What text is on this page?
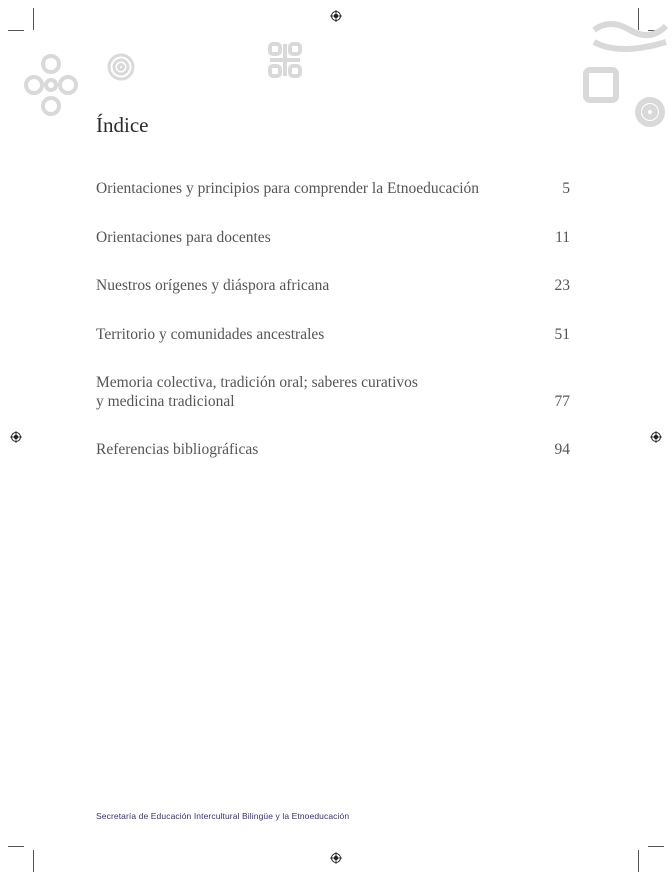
Índice
Orientaciones y principios para comprender la Etnoeducación	5
Orientaciones para docentes	11
Nuestros orígenes y diáspora africana	23
Territorio y comunidades ancestrales	51
Memoria colectiva, tradición oral; saberes curativos
y medicina tradicional	77
Referencias bibliográficas	94
Secretaría de Educación Intercultural Bilingüe y la Etnoeducación
